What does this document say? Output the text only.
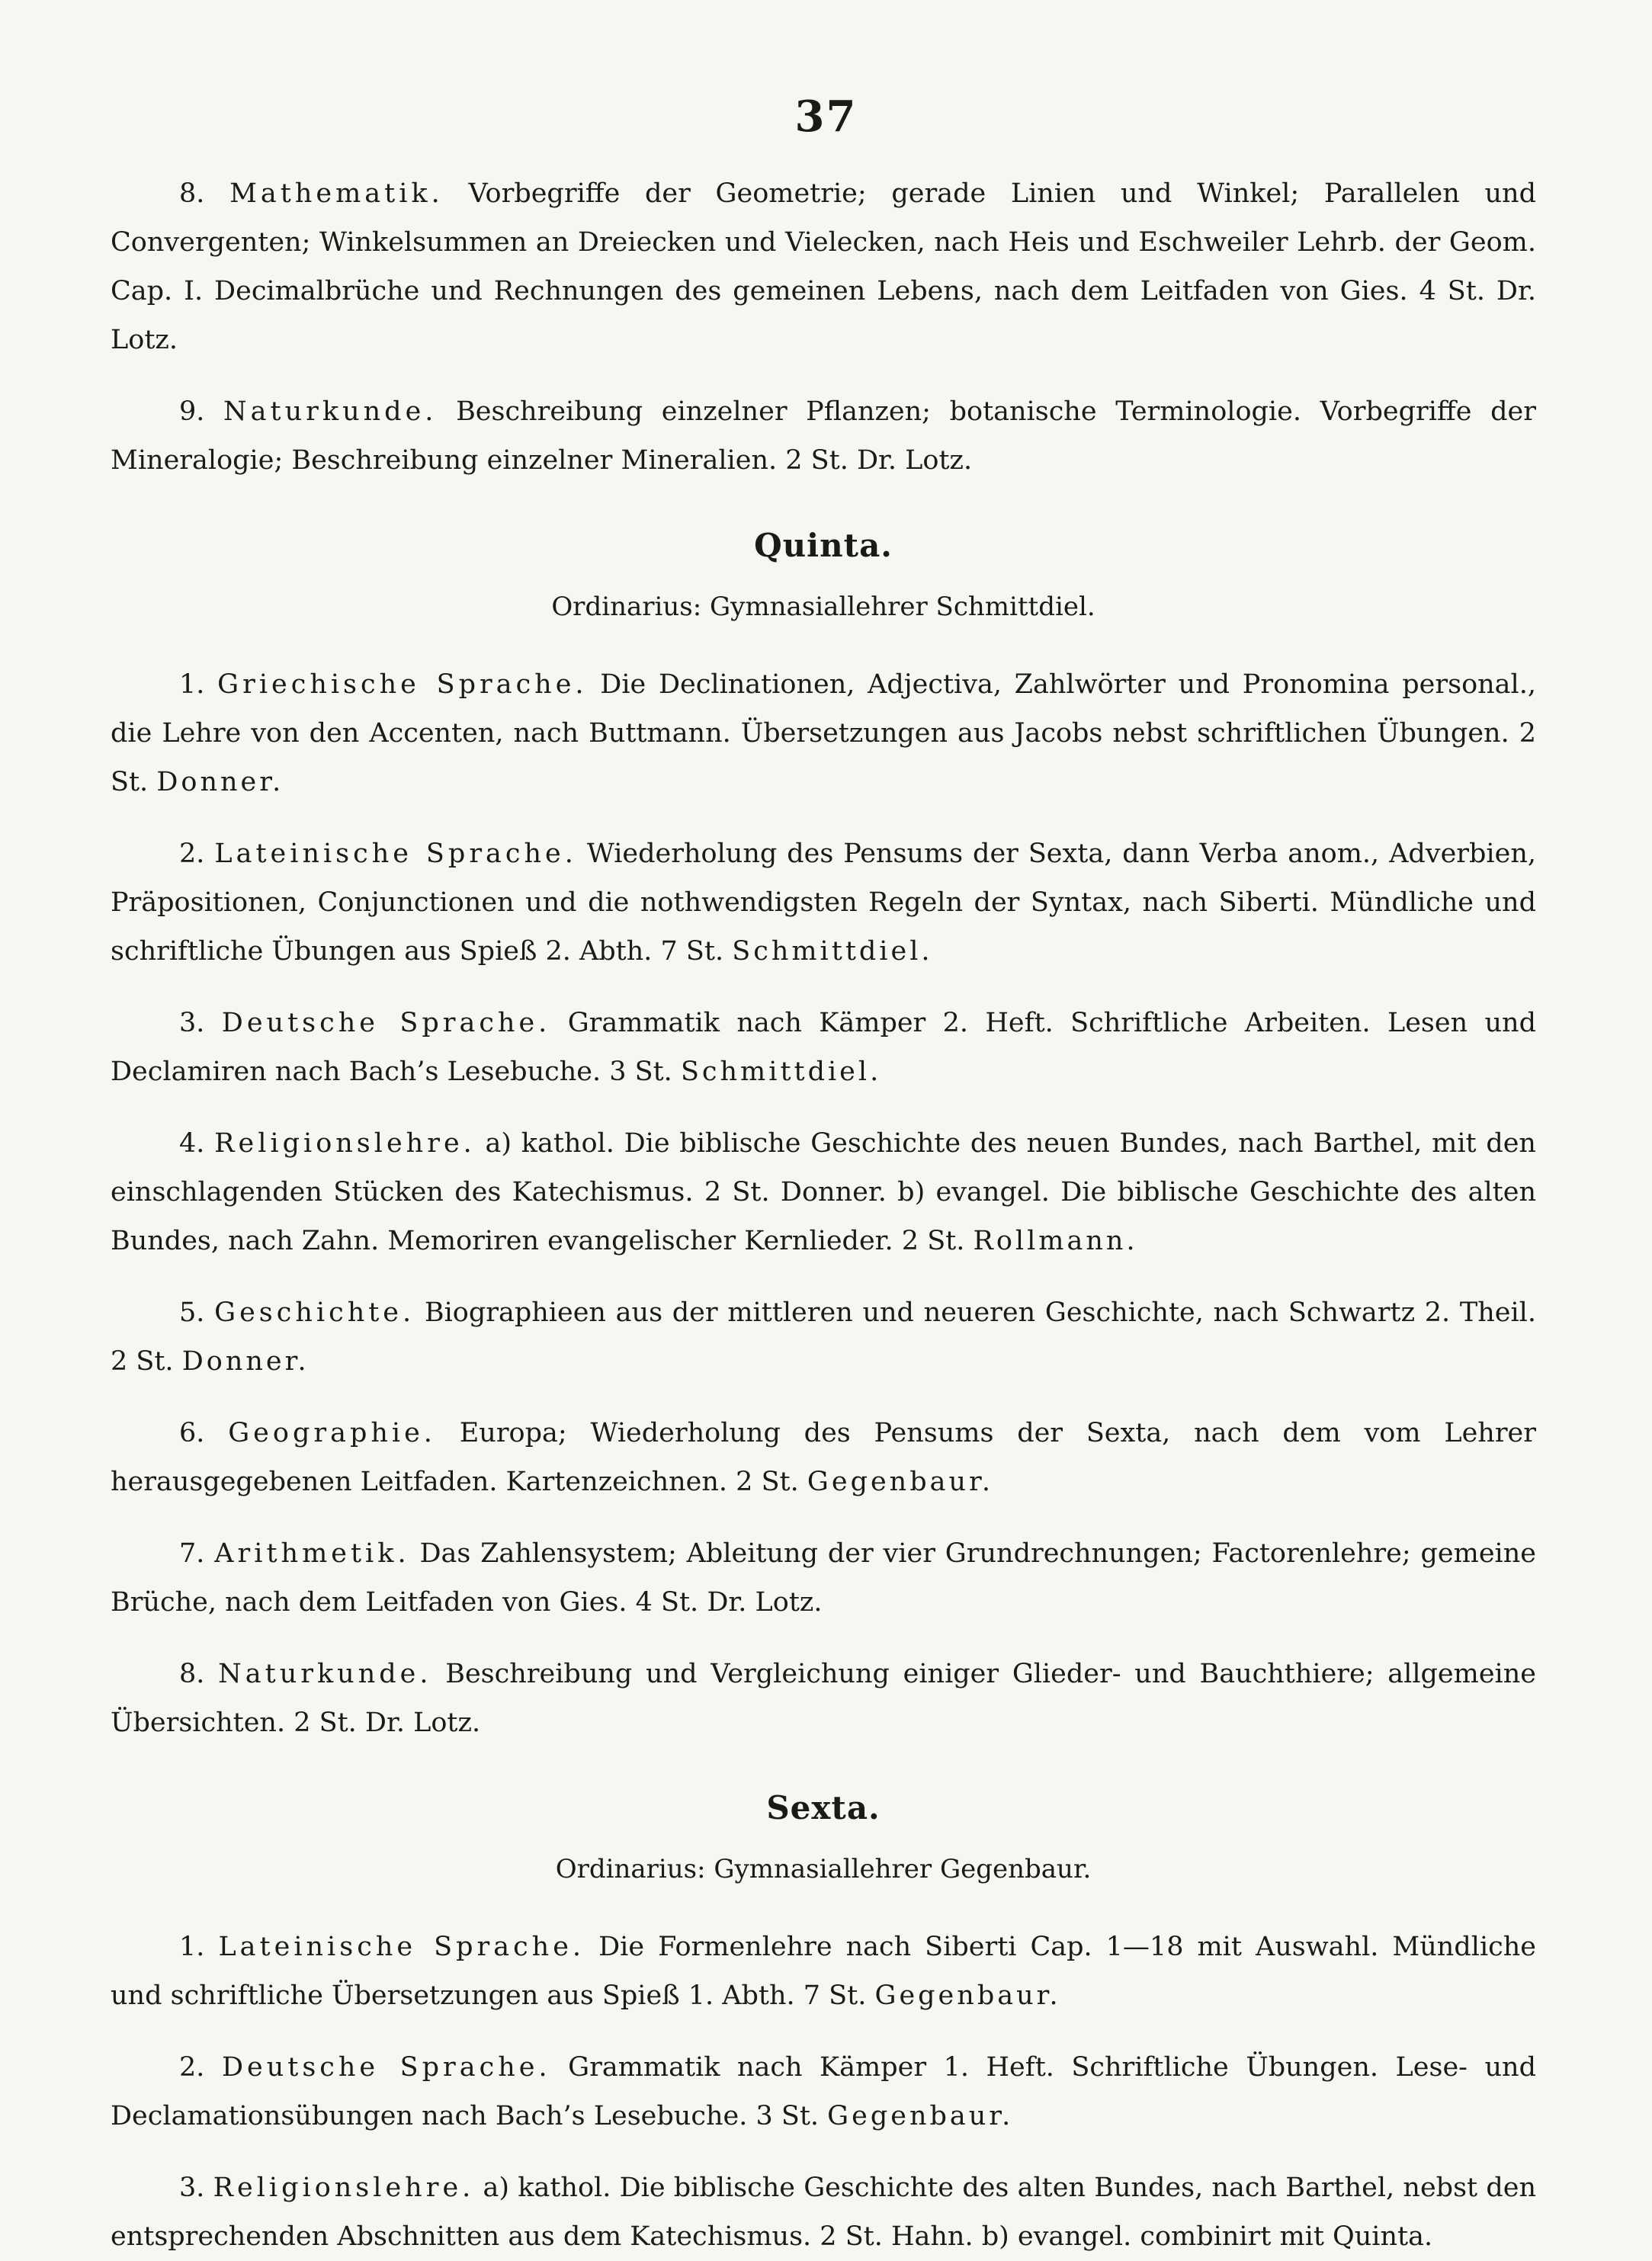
37

8. Mathematik. Vorbegriffe der Geometrie; gerade Linien und Winkel; Parallelen und Convergenten; Winkelsummen an Dreiecken und Vielecken, nach Heis und Eschweiler Lehrb. der Geom. Cap. I. Decimalbrüche und Rechnungen des gemeinen Lebens, nach dem Leitfaden von Gies. 4 St. Dr. Lotz.

9. Naturkunde. Beschreibung einzelner Pflanzen; botanische Terminologie. Vorbegriffe der Mineralogie; Beschreibung einzelner Mineralien. 2 St. Dr. Lotz.

Quinta.
Ordinarius: Gymnasiallehrer Schmittdiel.

1. Griechische Sprache. Die Declinationen, Adjectiva, Zahlwörter und Pronomina personal., die Lehre von den Accenten, nach Buttmann. Übersetzungen aus Jacobs nebst schriftlichen Übungen. 2 St. Donner.

2. Lateinische Sprache. Wiederholung des Pensums der Sexta, dann Verba anom., Adverbien, Präpositionen, Conjunctionen und die nothwendigsten Regeln der Syntax, nach Siberti. Mündliche und schriftliche Übungen aus Spieß 2. Abth. 7 St. Schmittdiel.

3. Deutsche Sprache. Grammatik nach Kämper 2. Heft. Schriftliche Arbeiten. Lesen und Declamiren nach Bach’s Lesebuche. 3 St. Schmittdiel.

4. Religionslehre. a) kathol. Die biblische Geschichte des neuen Bundes, nach Barthel, mit den einschlagenden Stücken des Katechismus. 2 St. Donner. b) evangel. Die biblische Geschichte des alten Bundes, nach Zahn. Memoriren evangelischer Kernlieder. 2 St. Rollmann.

5. Geschichte. Biographieen aus der mittleren und neueren Geschichte, nach Schwartz 2. Theil. 2 St. Donner.

6. Geographie. Europa; Wiederholung des Pensums der Sexta, nach dem vom Lehrer herausgegebenen Leitfaden. Kartenzeichnen. 2 St. Gegenbaur.

7. Arithmetik. Das Zahlensystem; Ableitung der vier Grundrechnungen; Factorenlehre; gemeine Brüche, nach dem Leitfaden von Gies. 4 St. Dr. Lotz.

8. Naturkunde. Beschreibung und Vergleichung einiger Glieder- und Bauchthiere; allgemeine Übersichten. 2 St. Dr. Lotz.

Sexta.
Ordinarius: Gymnasiallehrer Gegenbaur.

1. Lateinische Sprache. Die Formenlehre nach Siberti Cap. 1—18 mit Auswahl. Mündliche und schriftliche Übersetzungen aus Spieß 1. Abth. 7 St. Gegenbaur.

2. Deutsche Sprache. Grammatik nach Kämper 1. Heft. Schriftliche Übungen. Lese- und Declamationsübungen nach Bach’s Lesebuche. 3 St. Gegenbaur.

3. Religionslehre. a) kathol. Die biblische Geschichte des alten Bundes, nach Barthel, nebst den entsprechenden Abschnitten aus dem Katechismus. 2 St. Hahn. b) evangel. combinirt mit Quinta.
